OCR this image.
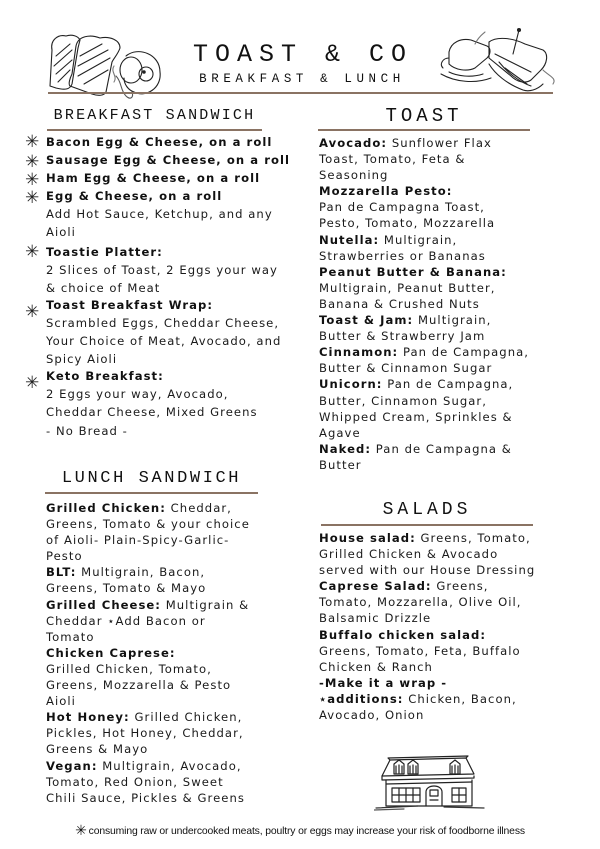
TOAST & CO
BREAKFAST & LUNCH
BREAKFAST SANDWICH
✳ Bacon Egg & Cheese, on a roll
✳ Sausage Egg & Cheese, on a roll
✳ Ham Egg & Cheese, on a roll
✳ Egg & Cheese, on a roll
Add Hot Sauce, Ketchup, and any
Aioli
✳ Toastie Platter:
2 Slices of Toast, 2 Eggs your way
& choice of Meat
✳ Toast Breakfast Wrap:
Scrambled Eggs, Cheddar Cheese,
Your Choice of Meat, Avocado, and
Spicy Aioli
✳ Keto Breakfast:
2 Eggs your way, Avocado,
Cheddar Cheese, Mixed Greens
- No Bread -
LUNCH SANDWICH
Grilled Chicken: Cheddar,
Greens, Tomato & your choice
of Aioli- Plain-Spicy-Garlic-
Pesto
BLT: Multigrain, Bacon,
Greens, Tomato & Mayo
Grilled Cheese: Multigrain &
Cheddar ⋆Add Bacon or
Tomato
Chicken Caprese:
Grilled Chicken, Tomato,
Greens, Mozzarella & Pesto
Aioli
Hot Honey: Grilled Chicken,
Pickles, Hot Honey, Cheddar,
Greens & Mayo
Vegan: Multigrain, Avocado,
Tomato, Red Onion, Sweet
Chili Sauce, Pickles & Greens
TOAST
Avocado: Sunflower Flax
Toast, Tomato, Feta &
Seasoning
Mozzarella Pesto:
Pan de Campagna Toast,
Pesto, Tomato, Mozzarella
Nutella: Multigrain,
Strawberries or Bananas
Peanut Butter & Banana:
Multigrain, Peanut Butter,
Banana & Crushed Nuts
Toast & Jam: Multigrain,
Butter & Strawberry Jam
Cinnamon: Pan de Campagna,
Butter & Cinnamon Sugar
Unicorn: Pan de Campagna,
Butter, Cinnamon Sugar,
Whipped Cream, Sprinkles &
Agave
Naked: Pan de Campagna &
Butter
SALADS
House salad: Greens, Tomato,
Grilled Chicken & Avocado
served with our House Dressing
Caprese Salad: Greens,
Tomato, Mozzarella, Olive Oil,
Balsamic Drizzle
Buffalo chicken salad:
Greens, Tomato, Feta, Buffalo
Chicken & Ranch
-Make it a wrap -
⋆additions: Chicken, Bacon,
Avocado, Onion
✳ consuming raw or undercooked meats, poultry or eggs may increase your risk of foodborne illness
